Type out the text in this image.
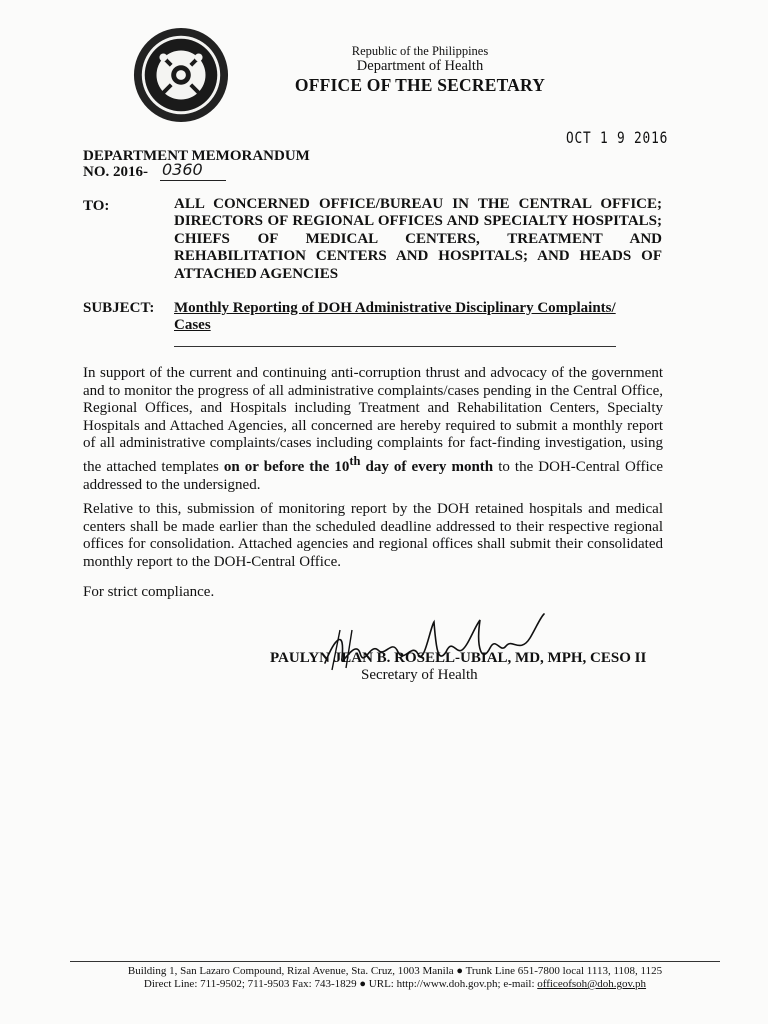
Republic of the Philippines
Department of Health
OFFICE OF THE SECRETARY
OCT 1 9 2016
DEPARTMENT MEMORANDUM
NO. 2016- 0360
TO:	ALL CONCERNED OFFICE/BUREAU IN THE CENTRAL OFFICE; DIRECTORS OF REGIONAL OFFICES AND SPECIALTY HOSPITALS; CHIEFS OF MEDICAL CENTERS, TREATMENT AND REHABILITATION CENTERS AND HOSPITALS; AND HEADS OF ATTACHED AGENCIES
SUBJECT: Monthly Reporting of DOH Administrative Disciplinary Complaints/ Cases
In support of the current and continuing anti-corruption thrust and advocacy of the government and to monitor the progress of all administrative complaints/cases pending in the Central Office, Regional Offices, and Hospitals including Treatment and Rehabilitation Centers, Specialty Hospitals and Attached Agencies, all concerned are hereby required to submit a monthly report of all administrative complaints/cases including complaints for fact-finding investigation, using the attached templates on or before the 10th day of every month to the DOH-Central Office addressed to the undersigned.
Relative to this, submission of monitoring report by the DOH retained hospitals and medical centers shall be made earlier than the scheduled deadline addressed to their respective regional offices for consolidation. Attached agencies and regional offices shall submit their consolidated monthly report to the DOH-Central Office.
For strict compliance.
PAULYN JEAN B. ROSELL-UBIAL, MD, MPH, CESO II
Secretary of Health
Building 1, San Lazaro Compound, Rizal Avenue, Sta. Cruz, 1003 Manila ● Trunk Line 651-7800 local 1113, 1108, 1125
Direct Line: 711-9502; 711-9503 Fax: 743-1829 ● URL: http://www.doh.gov.ph; e-mail: officeofsoh@doh.gov.ph
